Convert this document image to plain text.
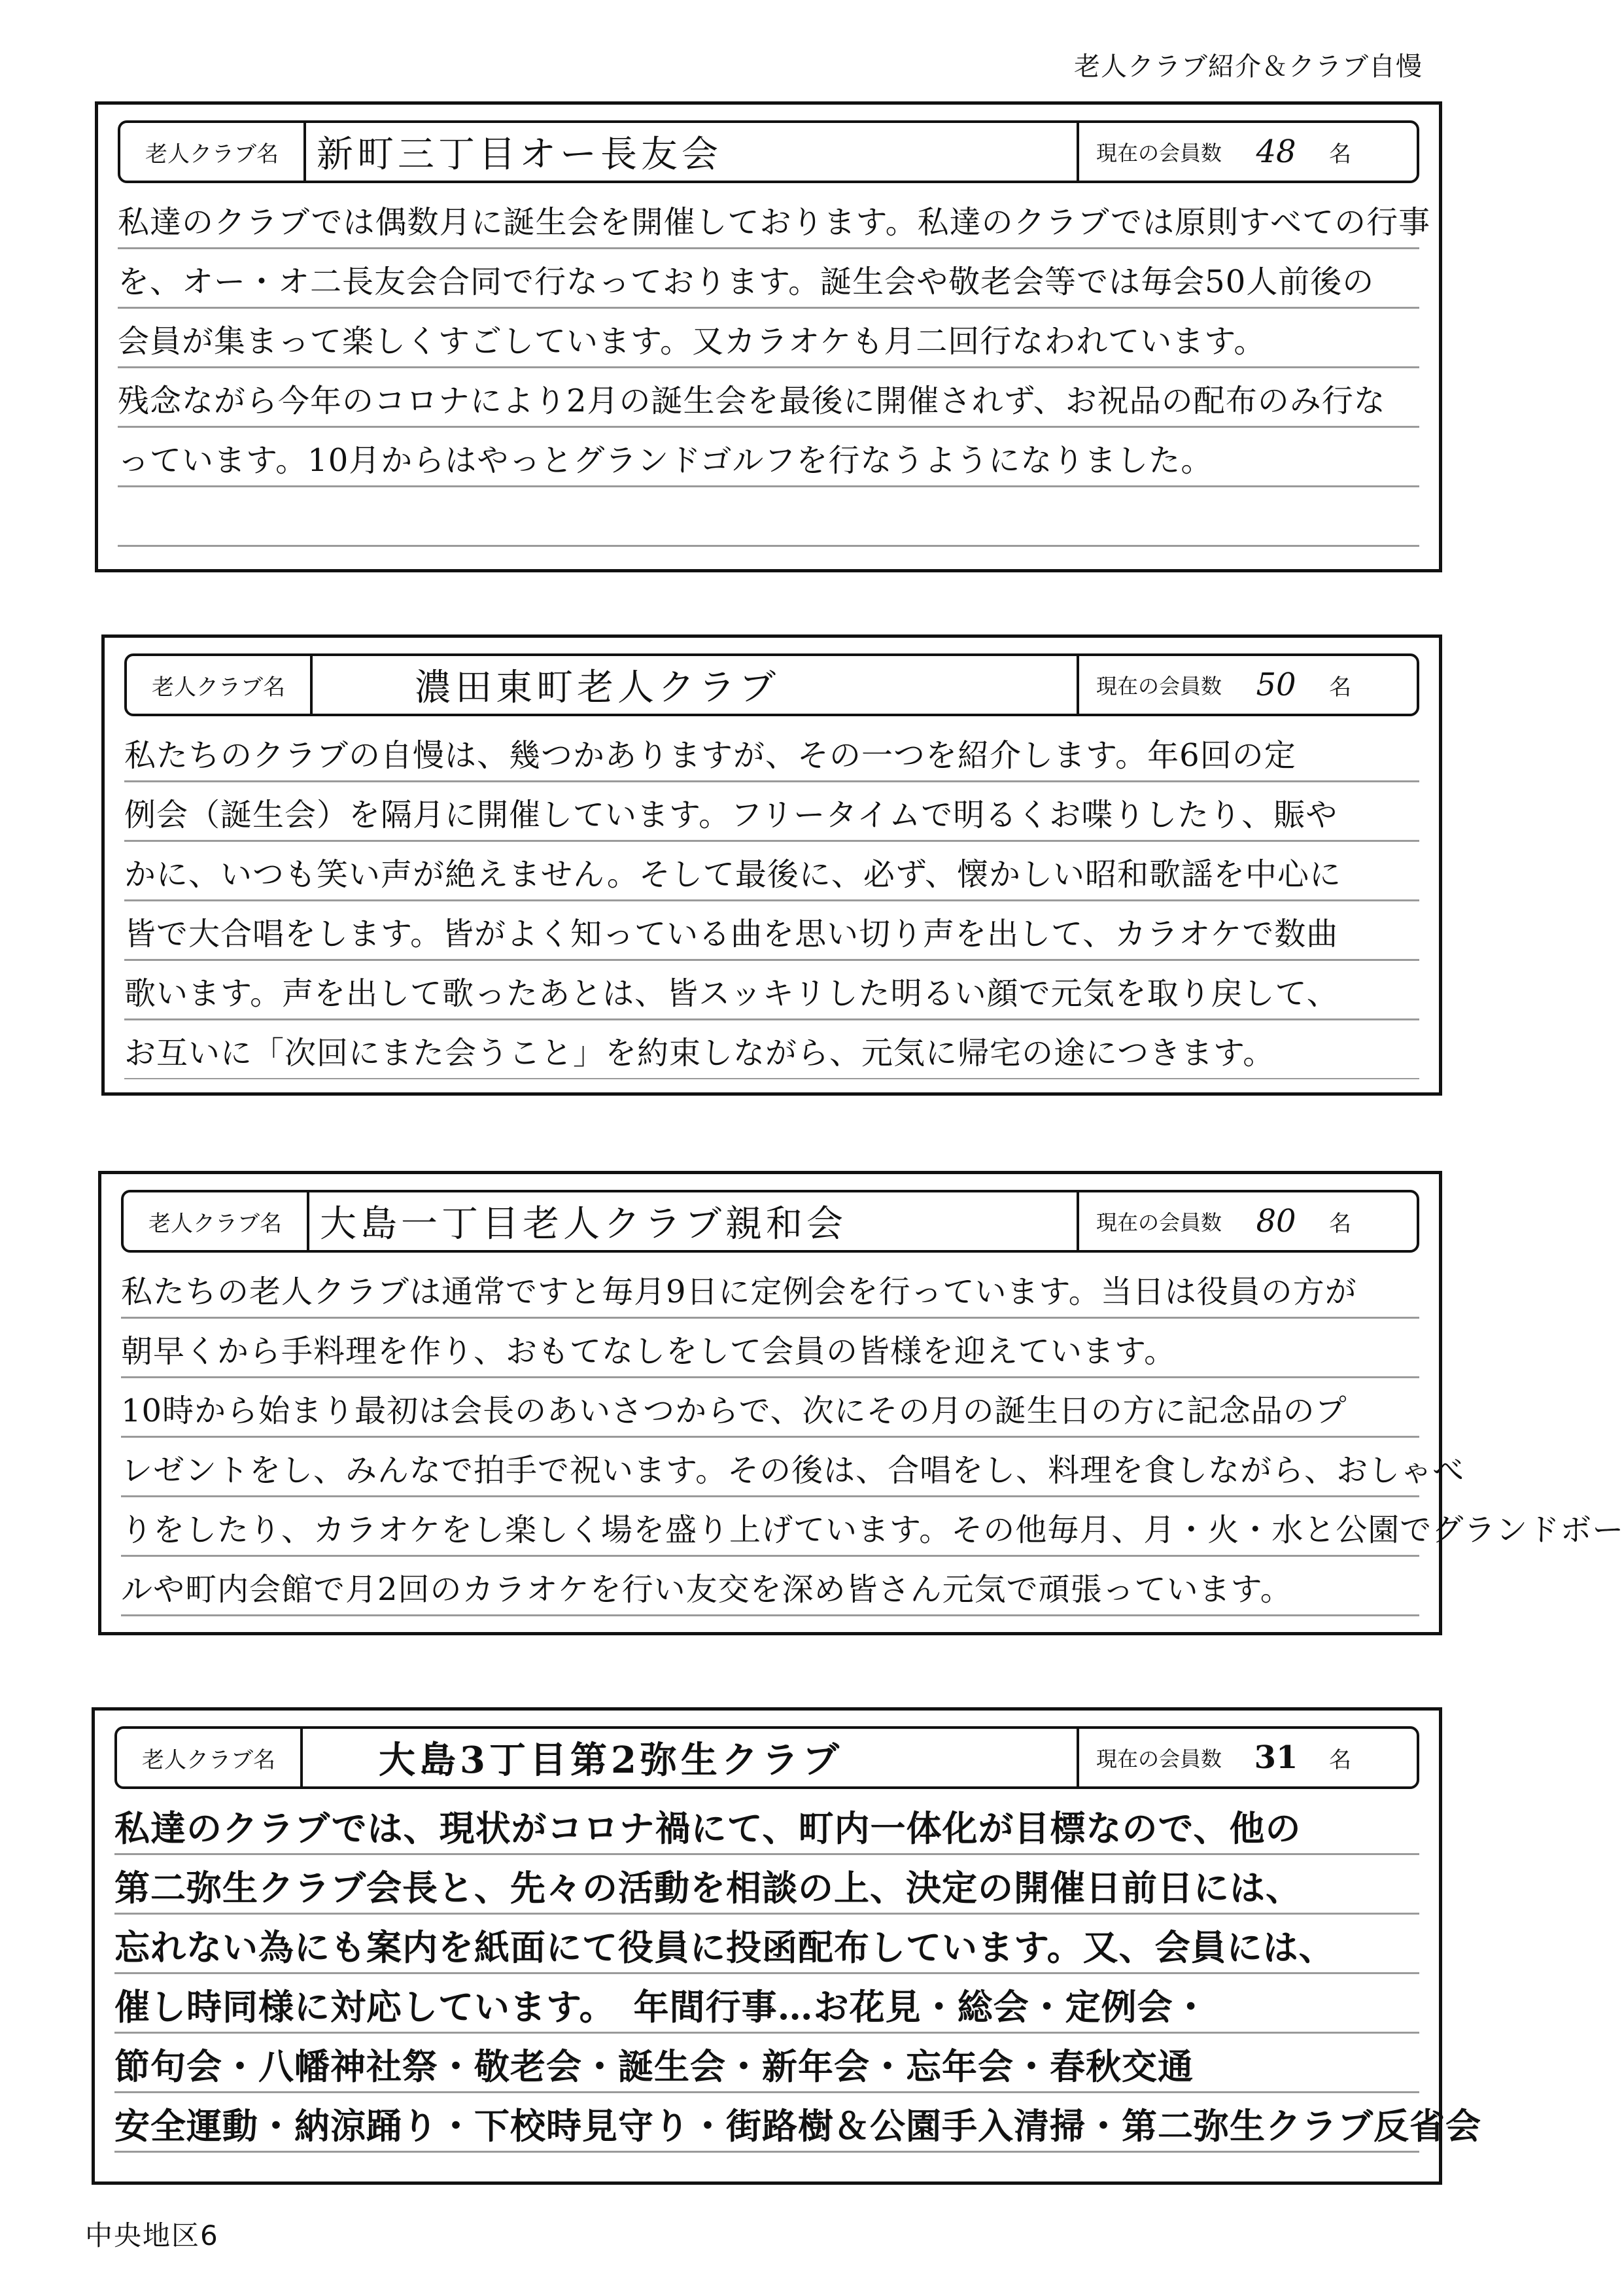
老人クラブ紹介＆クラブ自慢
老人クラブ名	新町三丁目オー長友会	現在の会員数	48	名
私達のクラブでは偶数月に誕生会を開催しております。私達のクラブでは原則すべての行事
を、オー・オ二長友会合同で行なっております。誕生会や敬老会等では毎会50人前後の
会員が集まって楽しくすごしています。又カラオケも月二回行なわれています。
残念ながら今年のコロナにより2月の誕生会を最後に開催されず、お祝品の配布のみ行な
っています。10月からはやっとグランドゴルフを行なうようになりました。
老人クラブ名	濃田東町老人クラブ	現在の会員数	50	名
私たちのクラブの自慢は、幾つかありますが、その一つを紹介します。年6回の定
例会（誕生会）を隔月に開催しています。フリータイムで明るくお喋りしたり、賑や
かに、いつも笑い声が絶えません。そして最後に、必ず、懐かしい昭和歌謡を中心に
皆で大合唱をします。皆がよく知っている曲を思い切り声を出して、カラオケで数曲
歌います。声を出して歌ったあとは、皆スッキリした明るい顔で元気を取り戻して、
お互いに「次回にまた会うこと」を約束しながら、元気に帰宅の途につきます。
老人クラブ名	大島一丁目老人クラブ親和会	現在の会員数	80	名
私たちの老人クラブは通常ですと毎月9日に定例会を行っています。当日は役員の方が
朝早くから手料理を作り、おもてなしをして会員の皆様を迎えています。
10時から始まり最初は会長のあいさつからで、次にその月の誕生日の方に記念品のプ
レゼントをし、みんなで拍手で祝います。その後は、合唱をし、料理を食しながら、おしゃべ
りをしたり、カラオケをし楽しく場を盛り上げています。その他毎月、月・火・水と公園でグランドボー
ルや町内会館で月2回のカラオケを行い友交を深め皆さん元気で頑張っています。
老人クラブ名	大島3丁目第2弥生クラブ	現在の会員数	31	名
私達のクラブでは、現状がコロナ禍にて、町内一体化が目標なので、他の
第二弥生クラブ会長と、先々の活動を相談の上、決定の開催日前日には、
忘れない為にも案内を紙面にて役員に投函配布しています。又、会員には、
催し時同様に対応しています。　年間行事…お花見・総会・定例会・
節句会・八幡神社祭・敬老会・誕生会・新年会・忘年会・春秋交通
安全運動・納涼踊り・下校時見守り・街路樹＆公園手入清掃・第二弥生クラブ反省会
中央地区6
